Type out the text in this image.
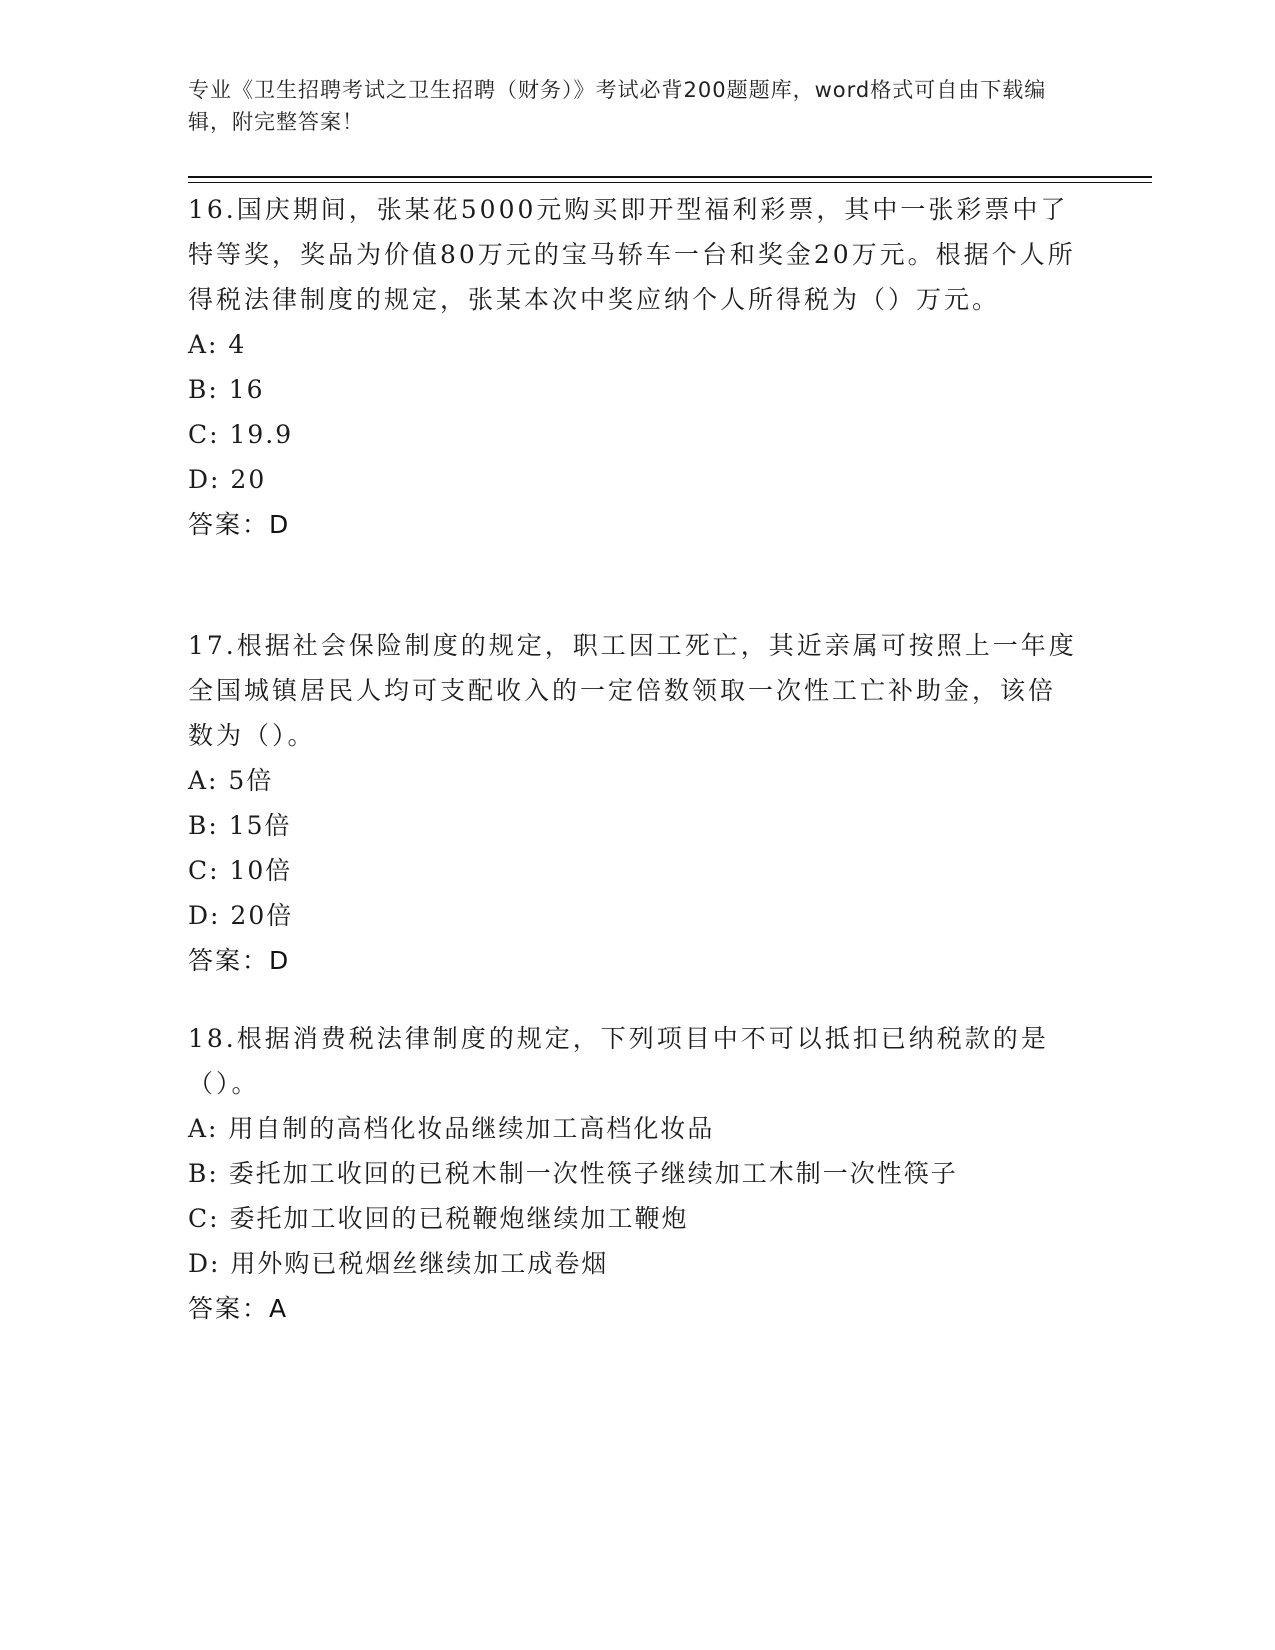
专业《卫生招聘考试之卫生招聘（财务）》考试必背200题题库，word格式可自由下载编辑，附完整答案！
16.国庆期间，张某花5000元购买即开型福利彩票，其中一张彩票中了特等奖，奖品为价值80万元的宝马轿车一台和奖金20万元。根据个人所得税法律制度的规定，张某本次中奖应纳个人所得税为（）万元。
A: 4
B: 16
C: 19.9
D: 20
答案：D
17.根据社会保险制度的规定，职工因工死亡，其近亲属可按照上一年度全国城镇居民人均可支配收入的一定倍数领取一次性工亡补助金，该倍数为（）。
A: 5倍
B: 15倍
C: 10倍
D: 20倍
答案：D
18.根据消费税法律制度的规定，下列项目中不可以抵扣已纳税款的是（）。
A: 用自制的高档化妆品继续加工高档化妆品
B: 委托加工收回的已税木制一次性筷子继续加工木制一次性筷子
C: 委托加工收回的已税鞭炮继续加工鞭炮
D: 用外购已税烟丝继续加工成卷烟
答案：A
